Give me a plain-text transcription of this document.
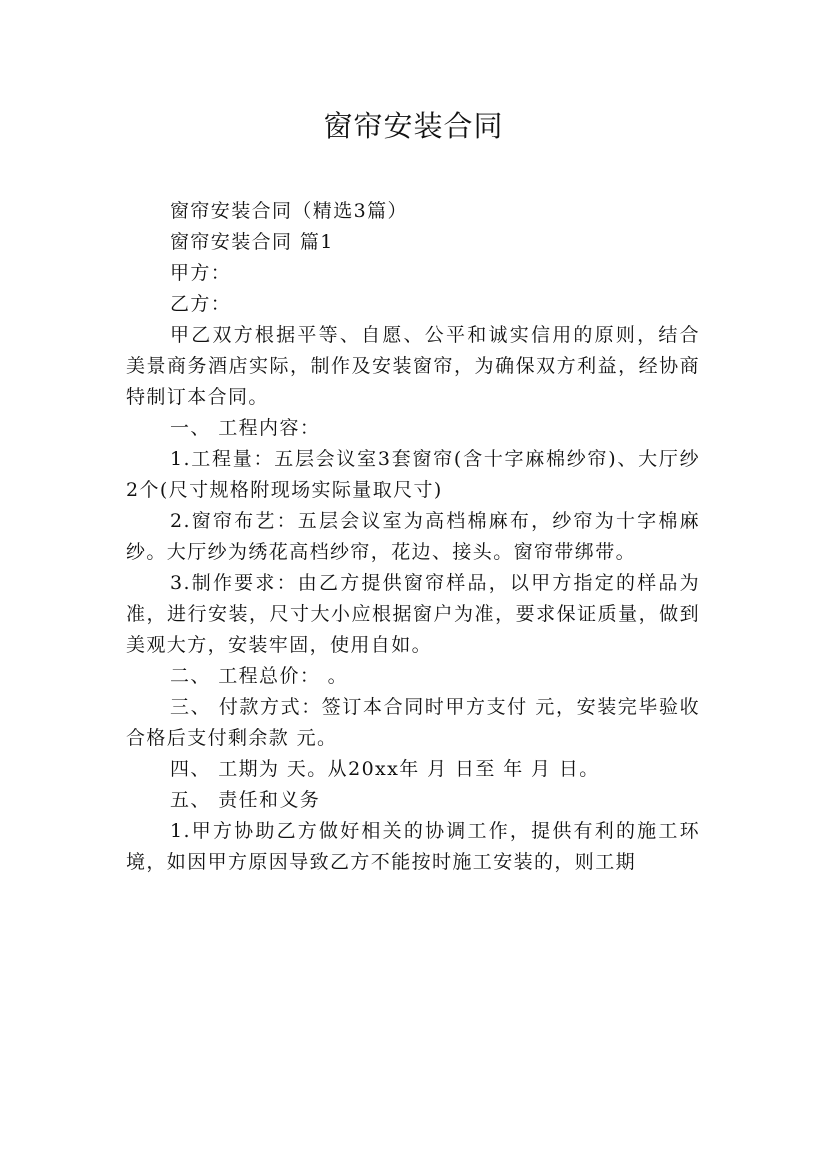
窗帘安装合同

窗帘安装合同（精选3篇）

窗帘安装合同 篇1

甲方：

乙方：

甲乙双方根据平等、自愿、公平和诚实信用的原则，结合美景商务酒店实际，制作及安装窗帘，为确保双方利益，经协商特制订本合同。

一、 工程内容：

1.工程量：五层会议室3套窗帘(含十字麻棉纱帘)、大厅纱2个(尺寸规格附现场实际量取尺寸)

2.窗帘布艺：五层会议室为高档棉麻布，纱帘为十字棉麻纱。大厅纱为绣花高档纱帘，花边、接头。窗帘带绑带。

3.制作要求：由乙方提供窗帘样品，以甲方指定的样品为准，进行安装，尺寸大小应根据窗户为准，要求保证质量，做到美观大方，安装牢固，使用自如。

二、 工程总价： 。

三、 付款方式：签订本合同时甲方支付 元，安装完毕验收合格后支付剩余款 元。

四、 工期为 天。从20xx年 月 日至 年 月 日。

五、 责任和义务

1.甲方协助乙方做好相关的协调工作，提供有利的施工环境，如因甲方原因导致乙方不能按时施工安装的，则工期
